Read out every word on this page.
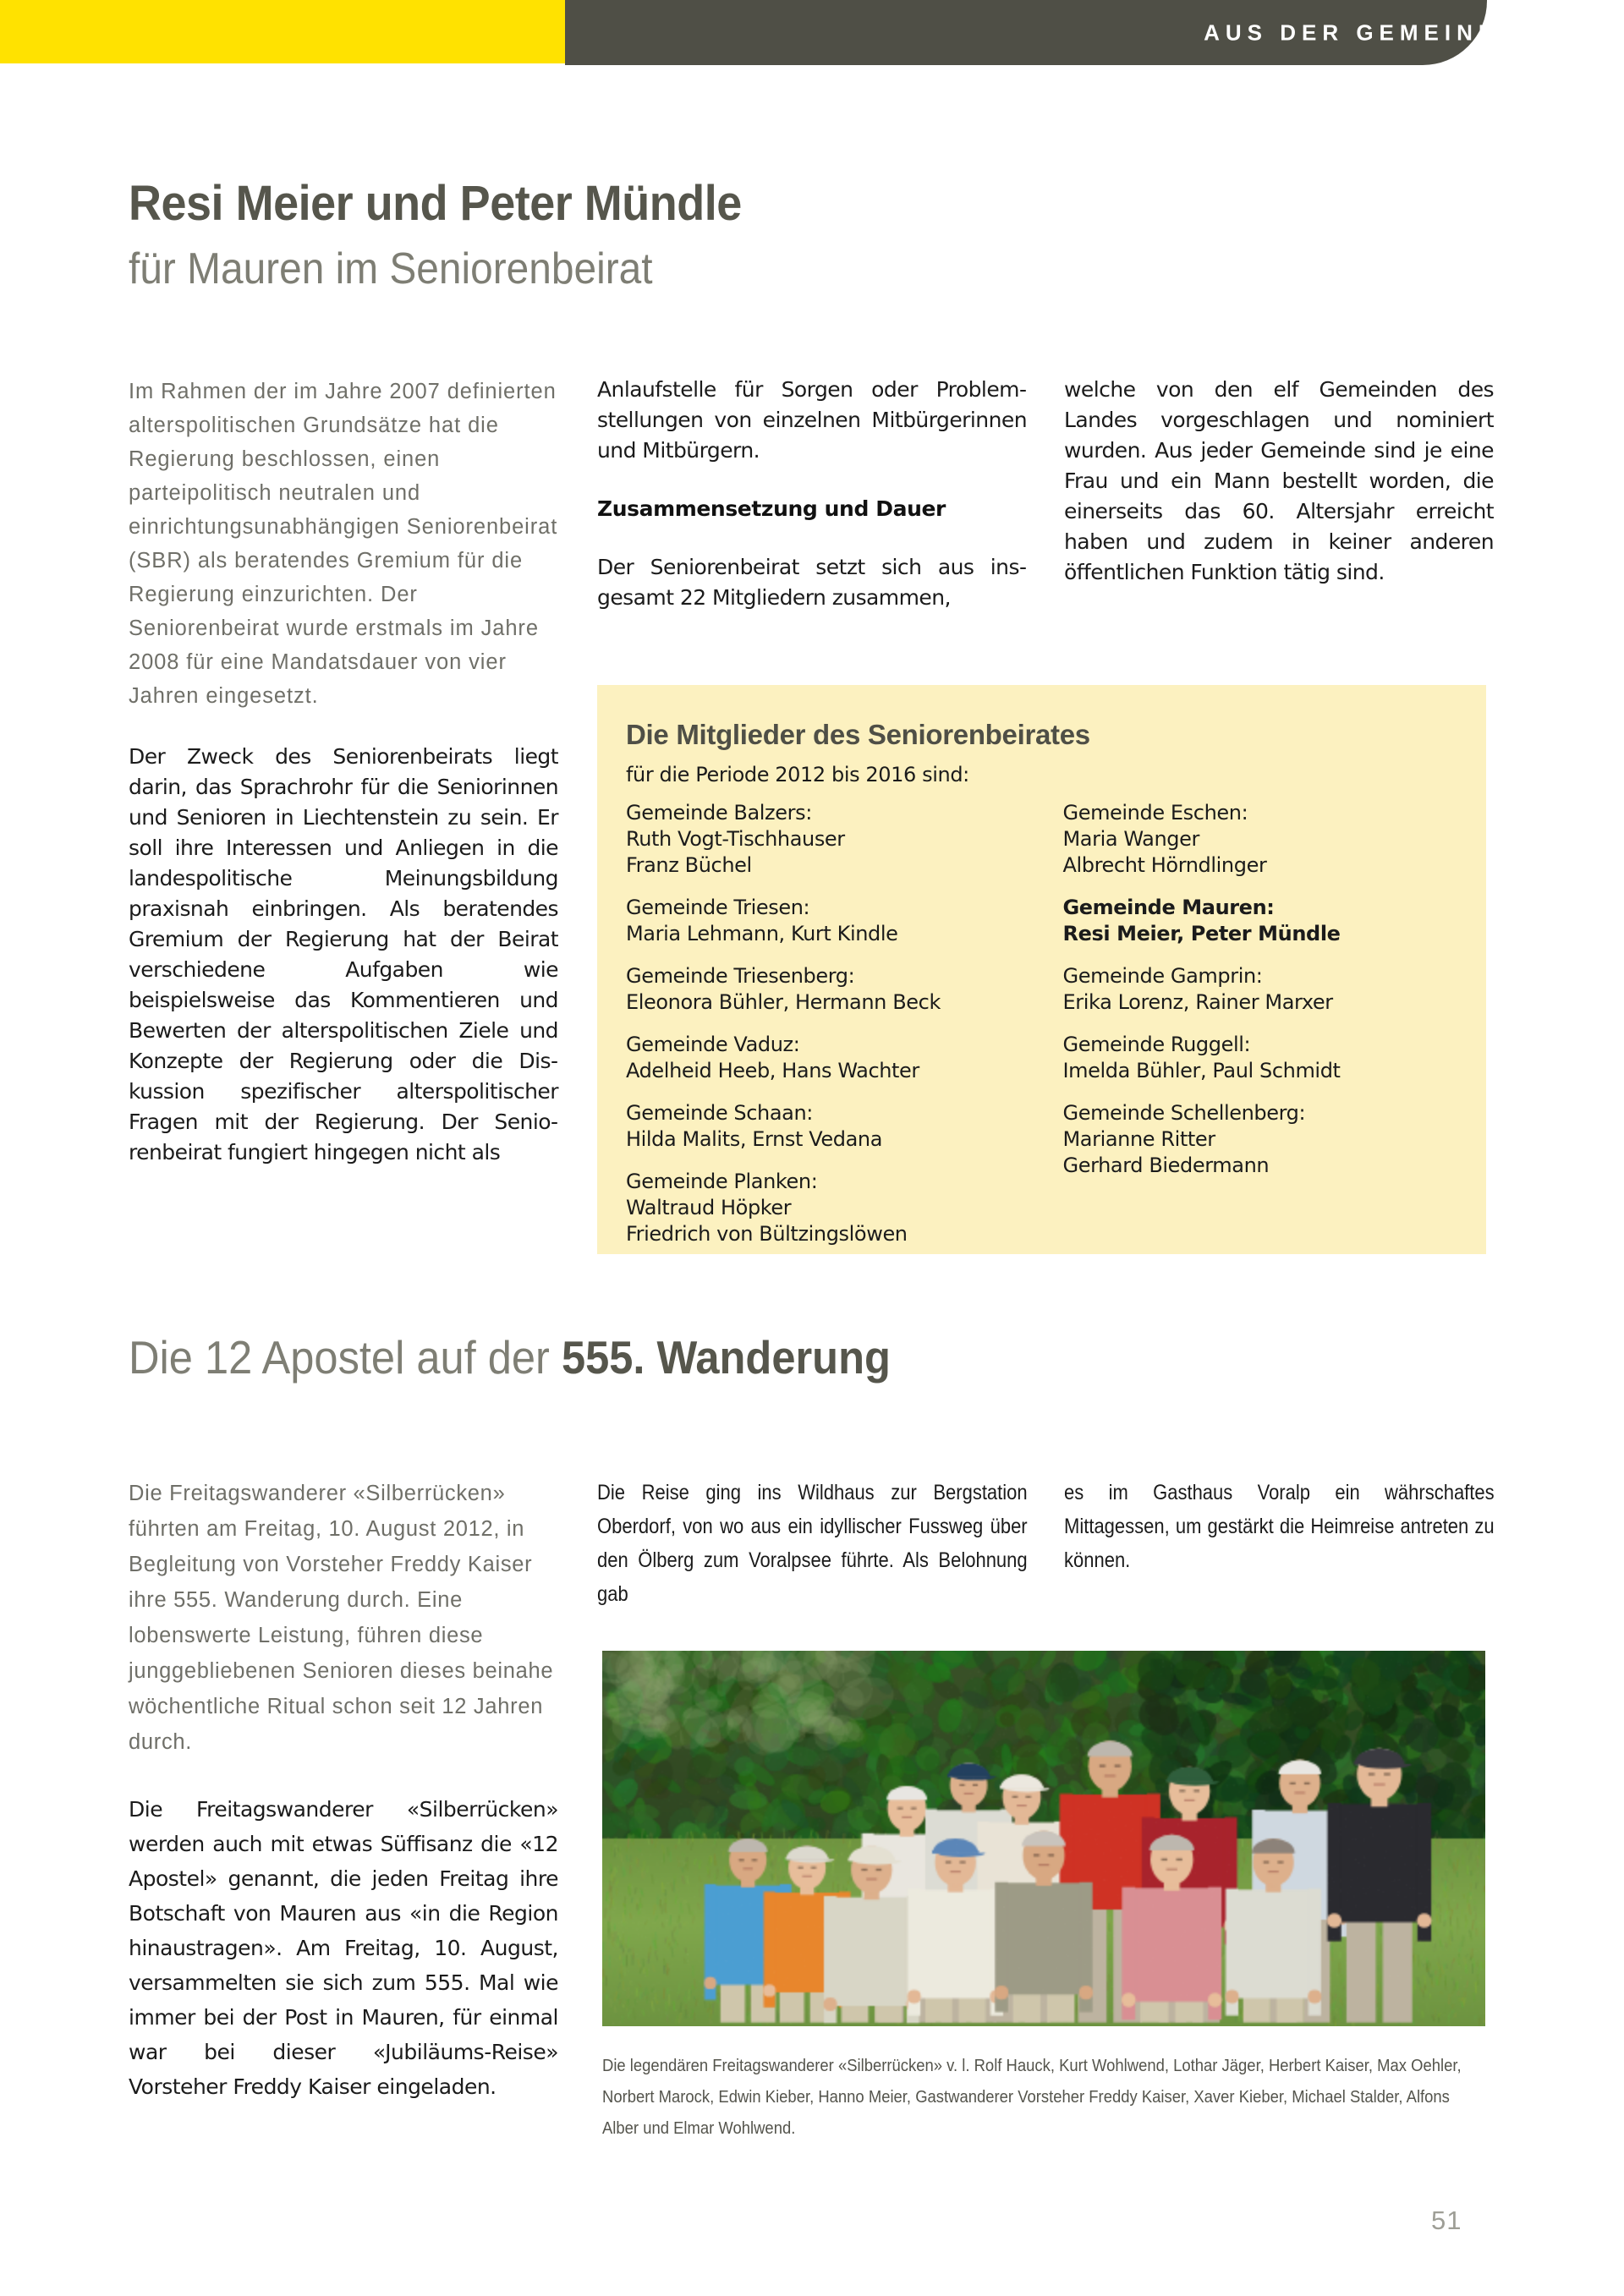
AUS DER GEMEINDE
Resi Meier und Peter Mündle
für Mauren im Seniorenbeirat

Im Rahmen der im Jahre 2007 definierten alterspolitischen Grundsätze hat die Regierung beschlossen, einen parteipolitisch neutralen und einrichtungsunabhängigen Seniorenbeirat (SBR) als beratendes Gremium für die Regierung einzurichten. Der Seniorenbeirat wurde erstmals im Jahre 2008 für eine Mandatsdauer von vier Jahren eingesetzt.

Der Zweck des Seniorenbeirats liegt darin, das Sprachrohr für die Seniorinnen und Senioren in Liechtenstein zu sein. Er soll ihre Interessen und Anliegen in die landespolitische Meinungsbildung praxisnah einbringen. Als beratendes Gremium der Regierung hat der Beirat verschiedene Aufgaben wie beispielsweise das Kommentieren und Bewerten der alterspolitischen Ziele und Konzepte der Regierung oder die Diskussion spezifischer alterspolitischer Fragen mit der Regierung. Der Seniorenbeirat fungiert hingegen nicht als

Anlaufstelle für Sorgen oder Problemstellungen von einzelnen Mitbürgerinnen und Mitbürgern.

Zusammensetzung und Dauer

Der Seniorenbeirat setzt sich aus insgesamt 22 Mitgliedern zusammen,

welche von den elf Gemeinden des Landes vorgeschlagen und nominiert wurden. Aus jeder Gemeinde sind je eine Frau und ein Mann bestellt worden, die einerseits das 60. Altersjahr erreicht haben und zudem in keiner anderen öffentlichen Funktion tätig sind.

Die Mitglieder des Seniorenbeirates
für die Periode 2012 bis 2016 sind:
Gemeinde Balzers:
Ruth Vogt-Tischhauser
Franz Büchel
Gemeinde Triesen:
Maria Lehmann, Kurt Kindle
Gemeinde Triesenberg:
Eleonora Bühler, Hermann Beck
Gemeinde Vaduz:
Adelheid Heeb, Hans Wachter
Gemeinde Schaan:
Hilda Malits, Ernst Vedana
Gemeinde Planken:
Waltraud Höpker
Friedrich von Bültzingslöwen
Gemeinde Eschen:
Maria Wanger
Albrecht Hörndlinger
Gemeinde Mauren:
Resi Meier, Peter Mündle
Gemeinde Gamprin:
Erika Lorenz, Rainer Marxer
Gemeinde Ruggell:
Imelda Bühler, Paul Schmidt
Gemeinde Schellenberg:
Marianne Ritter
Gerhard Biedermann
Die 12 Apostel auf der 555. Wanderung

Die Freitagswanderer «Silberrücken» führten am Freitag, 10. August 2012, in Begleitung von Vorsteher Freddy Kaiser ihre 555. Wanderung durch. Eine lobenswerte Leistung, führen diese junggebliebenen Senioren dieses beinahe wöchentliche Ritual schon seit 12 Jahren durch.

Die Freitagswanderer «Silberrücken» werden auch mit etwas Süffisanz die «12 Apostel» genannt, die jeden Freitag ihre Botschaft von Mauren aus «in die Region hinaustragen». Am Freitag, 10. August, versammelten sie sich zum 555. Mal wie immer bei der Post in Mauren, für einmal war bei dieser «Jubiläums-Reise» Vorsteher Freddy Kaiser eingeladen.

Die Reise ging ins Wildhaus zur Bergstation Oberdorf, von wo aus ein idyllischer Fussweg über den Ölberg zum Voralpsee führte. Als Belohnung gab

es im Gasthaus Voralp ein währschaftes Mittagessen, um gestärkt die Heimreise antreten zu können.

Die legendären Freitagswanderer «Silberrücken» v. l. Rolf Hauck, Kurt Wohlwend, Lothar Jäger, Herbert Kaiser, Max Oehler, Norbert Marock, Edwin Kieber, Hanno Meier, Gastwanderer Vorsteher Freddy Kaiser, Xaver Kieber, Michael Stalder, Alfons Alber und Elmar Wohlwend.
51
